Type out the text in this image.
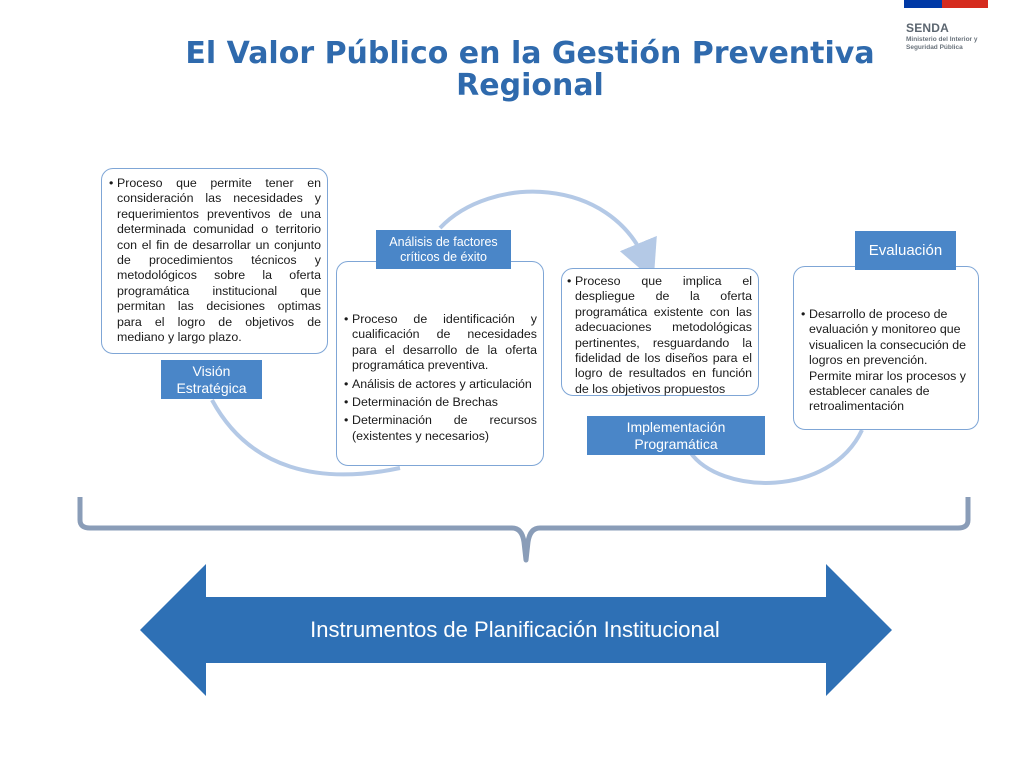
SENDA
Ministerio del Interior y Seguridad Pública
El Valor Público en la Gestión Preventiva
Regional
• Proceso que permite tener en consideración las necesidades y requerimientos preventivos de una determinada comunidad o territorio con el fin de desarrollar un conjunto de procedimientos técnicos y metodológicos sobre la oferta programática institucional que permitan las decisiones optimas para el logro de objetivos de mediano y largo plazo.
Visión
Estratégica
• Proceso de identificación y cualificación de necesidades para el desarrollo de la oferta programática preventiva.
• Análisis de actores y articulación
• Determinación de Brechas
• Determinación de recursos (existentes y necesarios)
Análisis de factores
críticos de éxito
• Proceso que implica el despliegue de la oferta programática existente con las adecuaciones metodológicas pertinentes, resguardando la fidelidad de los diseños para el logro de resultados en función de los objetivos propuestos
Implementación
Programática
• Desarrollo de proceso de evaluación y monitoreo que visualicen la consecución de logros en prevención. Permite mirar los procesos y establecer canales de retroalimentación
Evaluación
Instrumentos de Planificación Institucional
